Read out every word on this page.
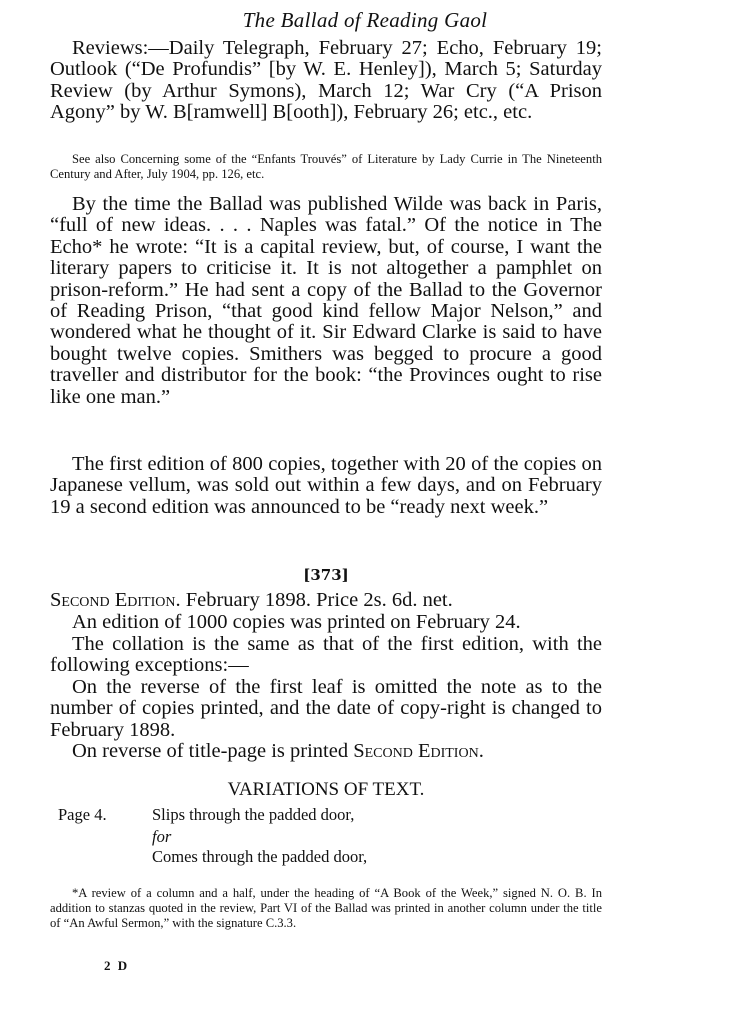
The Ballad of Reading Gaol

Reviews:—Daily Telegraph, February 27; Echo, February 19; Outlook (“De Profundis” [by W. E. Henley]), March 5; Saturday Review (by Arthur Symons), March 12; War Cry (“A Prison Agony” by W. B[ramwell] B[ooth]), February 26; etc., etc.

See also Concerning some of the “Enfants Trouvés” of Literature by Lady Currie in The Nineteenth Century and After, July 1904, pp. 126, etc.

By the time the Ballad was published Wilde was back in Paris, “full of new ideas. . . . Naples was fatal.” Of the notice in The Echo* he wrote: “It is a capital review, but, of course, I want the literary papers to criticise it. It is not altogether a pamphlet on prison-reform.” He had sent a copy of the Ballad to the Governor of Reading Prison, “that good kind fellow Major Nelson,” and wondered what he thought of it. Sir Edward Clarke is said to have bought twelve copies. Smithers was begged to procure a good traveller and distributor for the book: “the Provinces ought to rise like one man.”

The first edition of 800 copies, together with 20 of the copies on Japanese vellum, was sold out within a few days, and on February 19 a second edition was announced to be “ready next week.”

[373]
Second Edition. February 1898. Price 2s. 6d. net.

An edition of 1000 copies was printed on February 24.

The collation is the same as that of the first edition, with the following exceptions:—

On the reverse of the first leaf is omitted the note as to the number of copies printed, and the date of copy-right is changed to February 1898.

On reverse of title-page is printed Second Edition.

VARIATIONS OF TEXT.
Page 4.	Slips through the padded door,
for
Comes through the padded door,

*A review of a column and a half, under the heading of “A Book of the Week,” signed N. O. B. In addition to stanzas quoted in the review, Part VI of the Ballad was printed in another column under the title of “An Awful Sermon,” with the signature C.3.3.

2 D
